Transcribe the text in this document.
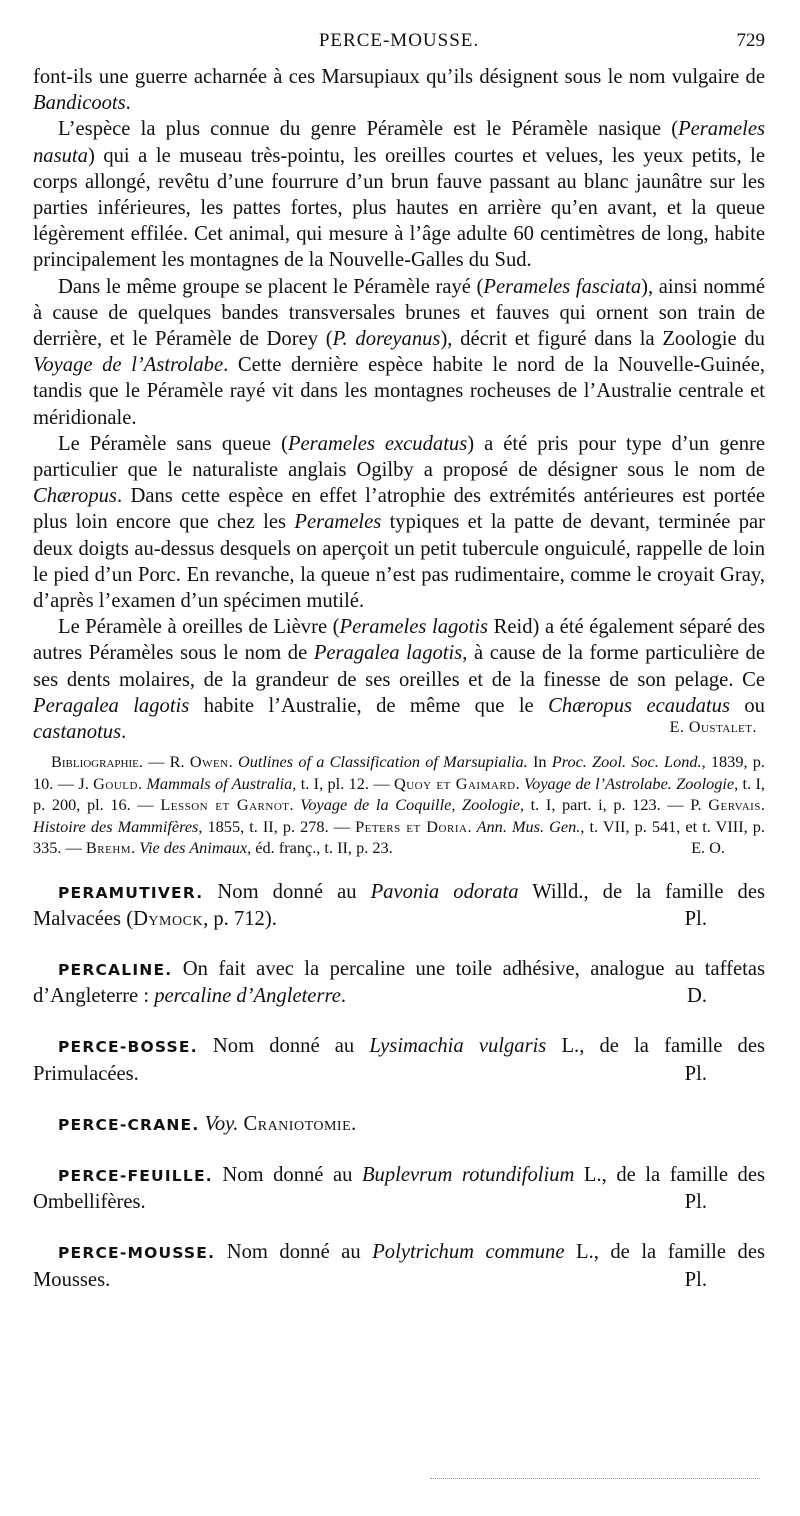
PERCE-MOUSSE.	729

font-ils une guerre acharnée à ces Marsupiaux qu’ils désignent sous le nom vulgaire de Bandicoots.

L’espèce la plus connue du genre Péramèle est le Péramèle nasique (Perameles nasuta) qui a le museau très-pointu, les oreilles courtes et velues, les yeux petits, le corps allongé, revêtu d’une fourrure d’un brun fauve passant au blanc jaunâtre sur les parties inférieures, les pattes fortes, plus hautes en arrière qu’en avant, et la queue légèrement effilée. Cet animal, qui mesure à l’âge adulte 60 centimètres de long, habite principalement les montagnes de la Nouvelle-Galles du Sud.

Dans le même groupe se placent le Péramèle rayé (Perameles fasciata), ainsi nommé à cause de quelques bandes transversales brunes et fauves qui ornent son train de derrière, et le Péramèle de Dorey (P. doreyanus), décrit et figuré dans la Zoologie du Voyage de l’Astrolabe. Cette dernière espèce habite le nord de la Nouvelle-Guinée, tandis que le Péramèle rayé vit dans les montagnes rocheuses de l’Australie centrale et méridionale.

Le Péramèle sans queue (Perameles excudatus) a été pris pour type d’un genre particulier que le naturaliste anglais Ogilby a proposé de désigner sous le nom de Chæropus. Dans cette espèce en effet l’atrophie des extrémités antérieures est portée plus loin encore que chez les Perameles typiques et la patte de devant, terminée par deux doigts au-dessus desquels on aperçoit un petit tubercule onguiculé, rappelle de loin le pied d’un Porc. En revanche, la queue n’est pas rudimentaire, comme le croyait Gray, d’après l’examen d’un spécimen mutilé.

Le Péramèle à oreilles de Lièvre (Perameles lagotis Reid) a été également séparé des autres Péramèles sous le nom de Peragalea lagotis, à cause de la forme particulière de ses dents molaires, de la grandeur de ses oreilles et de la finesse de son pelage. Ce Peragalea lagotis habite l’Australie, de même que le Chæropus ecaudatus ou castanotus.	E. Oustalet.

Bibliographie. — R. Owen. Outlines of a Classification of Marsupialia. In Proc. Zool. Soc. Lond., 1839, p. 10. — J. Gould. Mammals of Australia, t. I, pl. 12. — Quoy et Gaimard. Voyage de l’Astrolabe. Zoologie, t. I, p. 200, pl. 16. — Lesson et Garnot. Voyage de la Coquille, Zoologie, t. I, part. i, p. 123. — P. Gervais. Histoire des Mammifères, 1855, t. II, p. 278. — Peters et Doria. Ann. Mus. Gen., t. VII, p. 541, et t. VIII, p. 335. — Brehm. Vie des Animaux, éd. franç., t. II, p. 23.	E. O.

PERAMUTIVER. Nom donné au Pavonia odorata Willd., de la famille des Malvacées (Dymock, p. 712).	Pl.

PERCALINE. On fait avec la percaline une toile adhésive, analogue au taffetas d’Angleterre : percaline d’Angleterre.	D.

PERCE-BOSSE. Nom donné au Lysimachia vulgaris L., de la famille des Primulacées.	Pl.

PERCE-CRANE. Voy. Craniotomie.

PERCE-FEUILLE. Nom donné au Buplevrum rotundifolium L., de la famille des Ombellifères.	Pl.

PERCE-MOUSSE. Nom donné au Polytrichum commune L., de la famille des Mousses.	Pl.
